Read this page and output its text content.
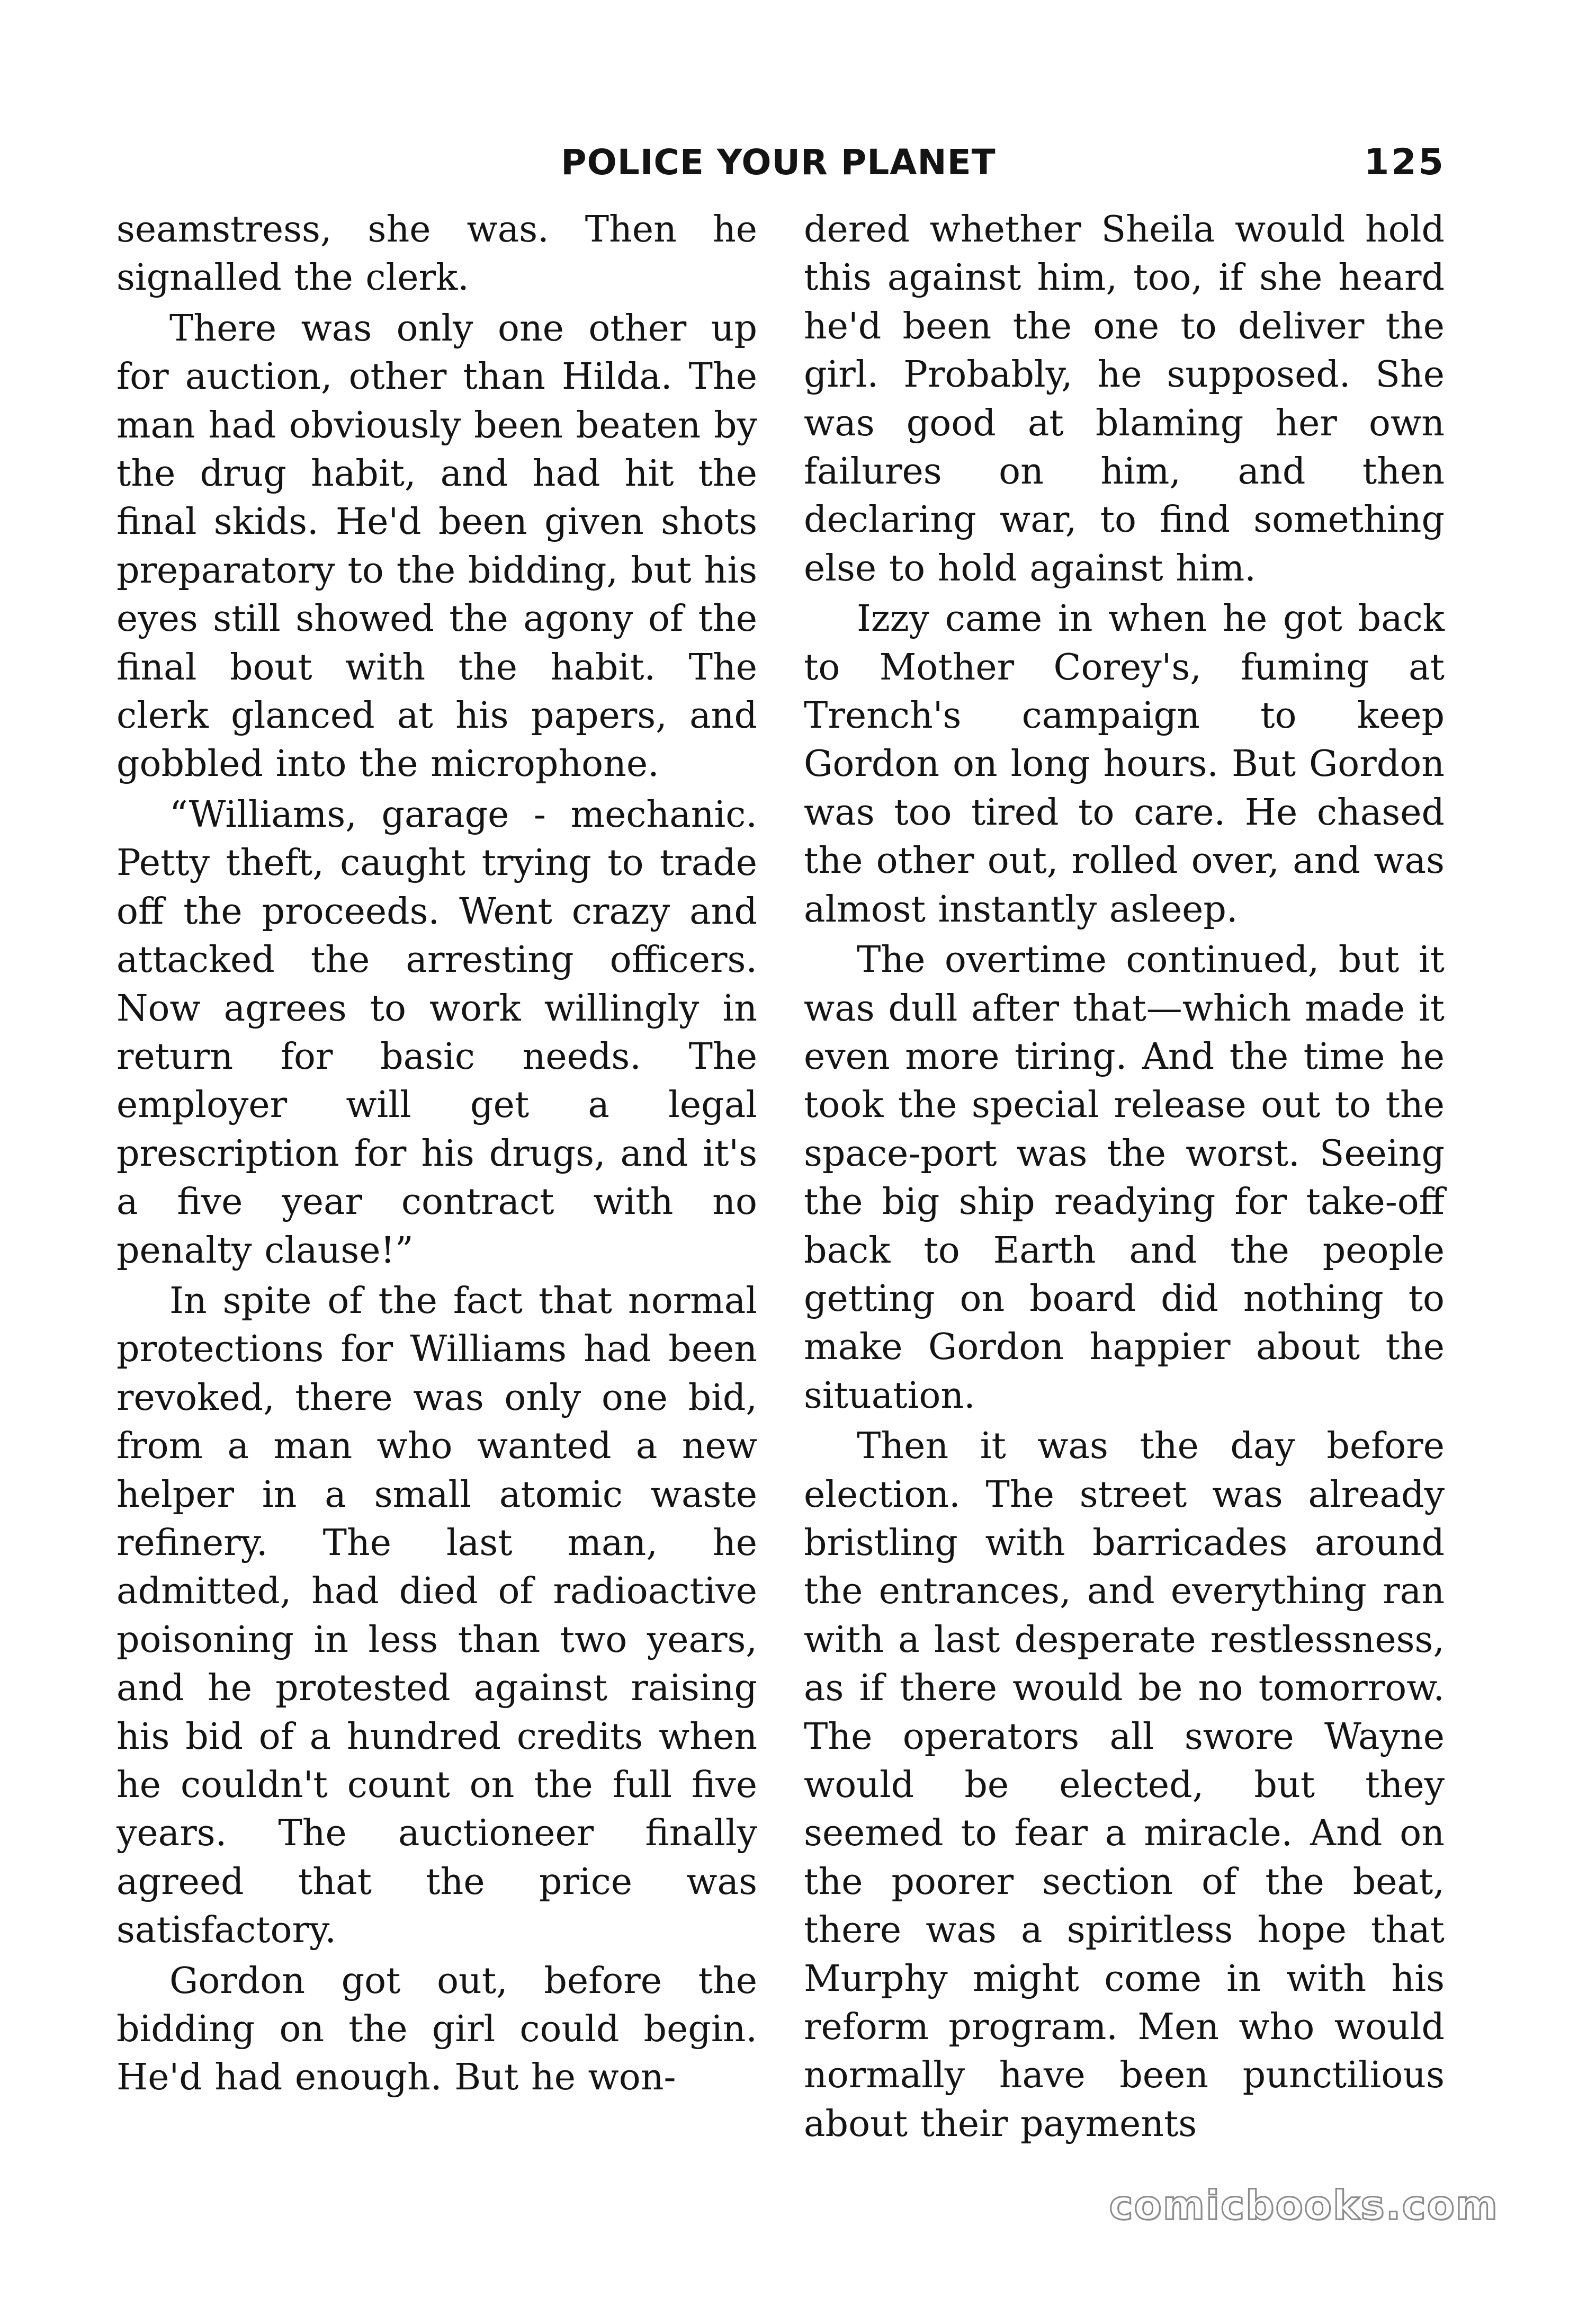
POLICE YOUR PLANET	125

seamstress, she was. Then he signalled the clerk.

There was only one other up for auction, other than Hilda. The man had obviously been beaten by the drug habit, and had hit the final skids. He'd been given shots preparatory to the bidding, but his eyes still showed the agony of the final bout with the habit. The clerk glanced at his papers, and gobbled into the microphone.

“Williams, garage - mechanic. Petty theft, caught trying to trade off the proceeds. Went crazy and attacked the arresting officers. Now agrees to work willingly in return for basic needs. The employer will get a legal prescription for his drugs, and it's a five year contract with no penalty clause!”

In spite of the fact that normal protections for Williams had been revoked, there was only one bid, from a man who wanted a new helper in a small atomic waste refinery. The last man, he admitted, had died of radioactive poisoning in less than two years, and he protested against raising his bid of a hundred credits when he couldn't count on the full five years. The auctioneer finally agreed that the price was satisfactory.

Gordon got out, before the bidding on the girl could begin. He'd had enough. But he won-

dered whether Sheila would hold this against him, too, if she heard he'd been the one to deliver the girl. Probably, he supposed. She was good at blaming her own failures on him, and then declaring war, to find something else to hold against him.

Izzy came in when he got back to Mother Corey's, fuming at Trench's campaign to keep Gordon on long hours. But Gordon was too tired to care. He chased the other out, rolled over, and was almost instantly asleep.

The overtime continued, but it was dull after that—which made it even more tiring. And the time he took the special release out to the space-port was the worst. Seeing the big ship readying for take-off back to Earth and the people getting on board did nothing to make Gordon happier about the situation.

Then it was the day before election. The street was already bristling with barricades around the entrances, and everything ran with a last desperate restlessness, as if there would be no tomorrow. The operators all swore Wayne would be elected, but they seemed to fear a miracle. And on the poorer section of the beat, there was a spiritless hope that Murphy might come in with his reform program. Men who would normally have been punctilious about their payments

comicbooks.com
